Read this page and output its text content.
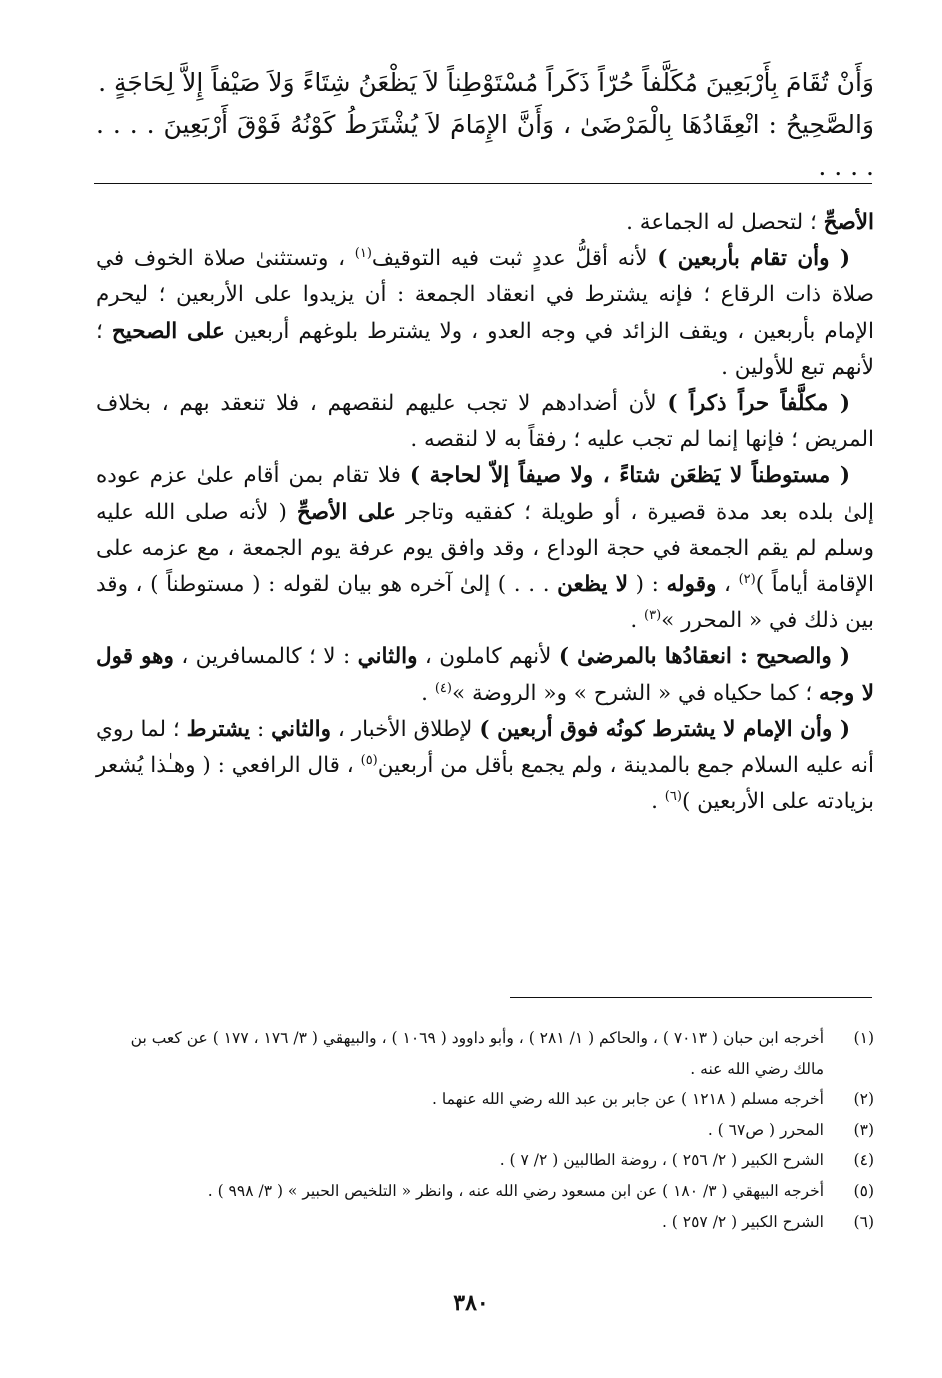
وَأَنْ تُقَامَ بِأَرْبَعِينَ مُكَلَّفاً حُرّاً ذَكَراً مُسْتَوْطِناً لاَ يَظْعَنُ شِتَاءً وَلاَ صَيْفاً إِلاَّ لِحَاجَةٍ .

وَالصَّحِيحُ : انْعِقَادُهَا بِالْمَرْضَىٰ ، وَأَنَّ الإِمَامَ لاَ يُشْتَرَطُ كَوْنُهُ فَوْقَ أَرْبَعِينَ . . . . . . . .

الأصحِّ ؛ لتحصل له الجماعة .

( وأن تقام بأربعين ) لأنه أقلُّ عددٍ ثبت فيه التوقيف$^{(١)}$ ، وتستثنىٰ صلاة الخوف في صلاة ذات الرقاع ؛ فإنه يشترط في انعقاد الجمعة : أن يزيدوا على الأربعين ؛ ليحرم الإمام بأربعين ، ويقف الزائد في وجه العدو ، ولا يشترط بلوغهم أربعين على الصحيح ؛ لأنهم تبع للأولين .

( مكلَّفاً حراً ذكراً ) لأن أضدادهم لا تجب عليهم لنقصهم ، فلا تنعقد بهم ، بخلاف المريض ؛ فإنها إنما لم تجب عليه ؛ رفقاً به لا لنقصه .

( مستوطناً لا يَظعَن شتاءً ، ولا صيفاً إلاّ لحاجة ) فلا تقام بمن أقام علىٰ عزم عوده إلىٰ بلده بعد مدة قصيرة ، أو طويلة ؛ كفقيه وتاجر على الأصحِّ ( لأنه صلى الله عليه وسلم لم يقم الجمعة في حجة الوداع ، وقد وافق يوم عرفة يوم الجمعة ، مع عزمه على الإقامة أياماً )$^{(٢)}$ ، وقوله : ( لا يظعن . . . ) إلىٰ آخره هو بيان لقوله : ( مستوطناً ) ، وقد بين ذلك في « المحرر »$^{(٣)}$ .

( والصحيح : انعقادُها بالمرضىٰ ) لأنهم كاملون ، والثاني : لا ؛ كالمسافرين ، وهو قول لا وجه ؛ كما حكياه في « الشرح » و« الروضة »$^{(٤)}$ .

( وأن الإمام لا يشترط كونُه فوق أربعين ) لإطلاق الأخبار ، والثاني : يشترط ؛ لما روي أنه عليه السلام جمع بالمدينة ، ولم يجمع بأقل من أربعين$^{(٥)}$ ، قال الرافعي : ( وهـٰذا يُشعر بزيادته على الأربعين )$^{(٦)}$ .

(١)
أخرجه ابن حبان ( ٧٠١٣ ) ، والحاكم ( ١/ ٢٨١ ) ، وأبو داوود ( ١٠٦٩ ) ، والبيهقي ( ٣/ ١٧٦ ، ١٧٧ ) عن كعب بن مالك رضي الله عنه .
(٢)
أخرجه مسلم ( ١٢١٨ ) عن جابر بن عبد الله رضي الله عنهما .
(٣)
المحرر ( ص٦٧ ) .
(٤)
الشرح الكبير ( ٢/ ٢٥٦ ) ، روضة الطالبين ( ٢/ ٧ ) .
(٥)
أخرجه البيهقي ( ٣/ ١٨٠ ) عن ابن مسعود رضي الله عنه ، وانظر « التلخيص الحبير » ( ٣/ ٩٩٨ ) .
(٦)
الشرح الكبير ( ٢/ ٢٥٧ ) .
٣٨٠
